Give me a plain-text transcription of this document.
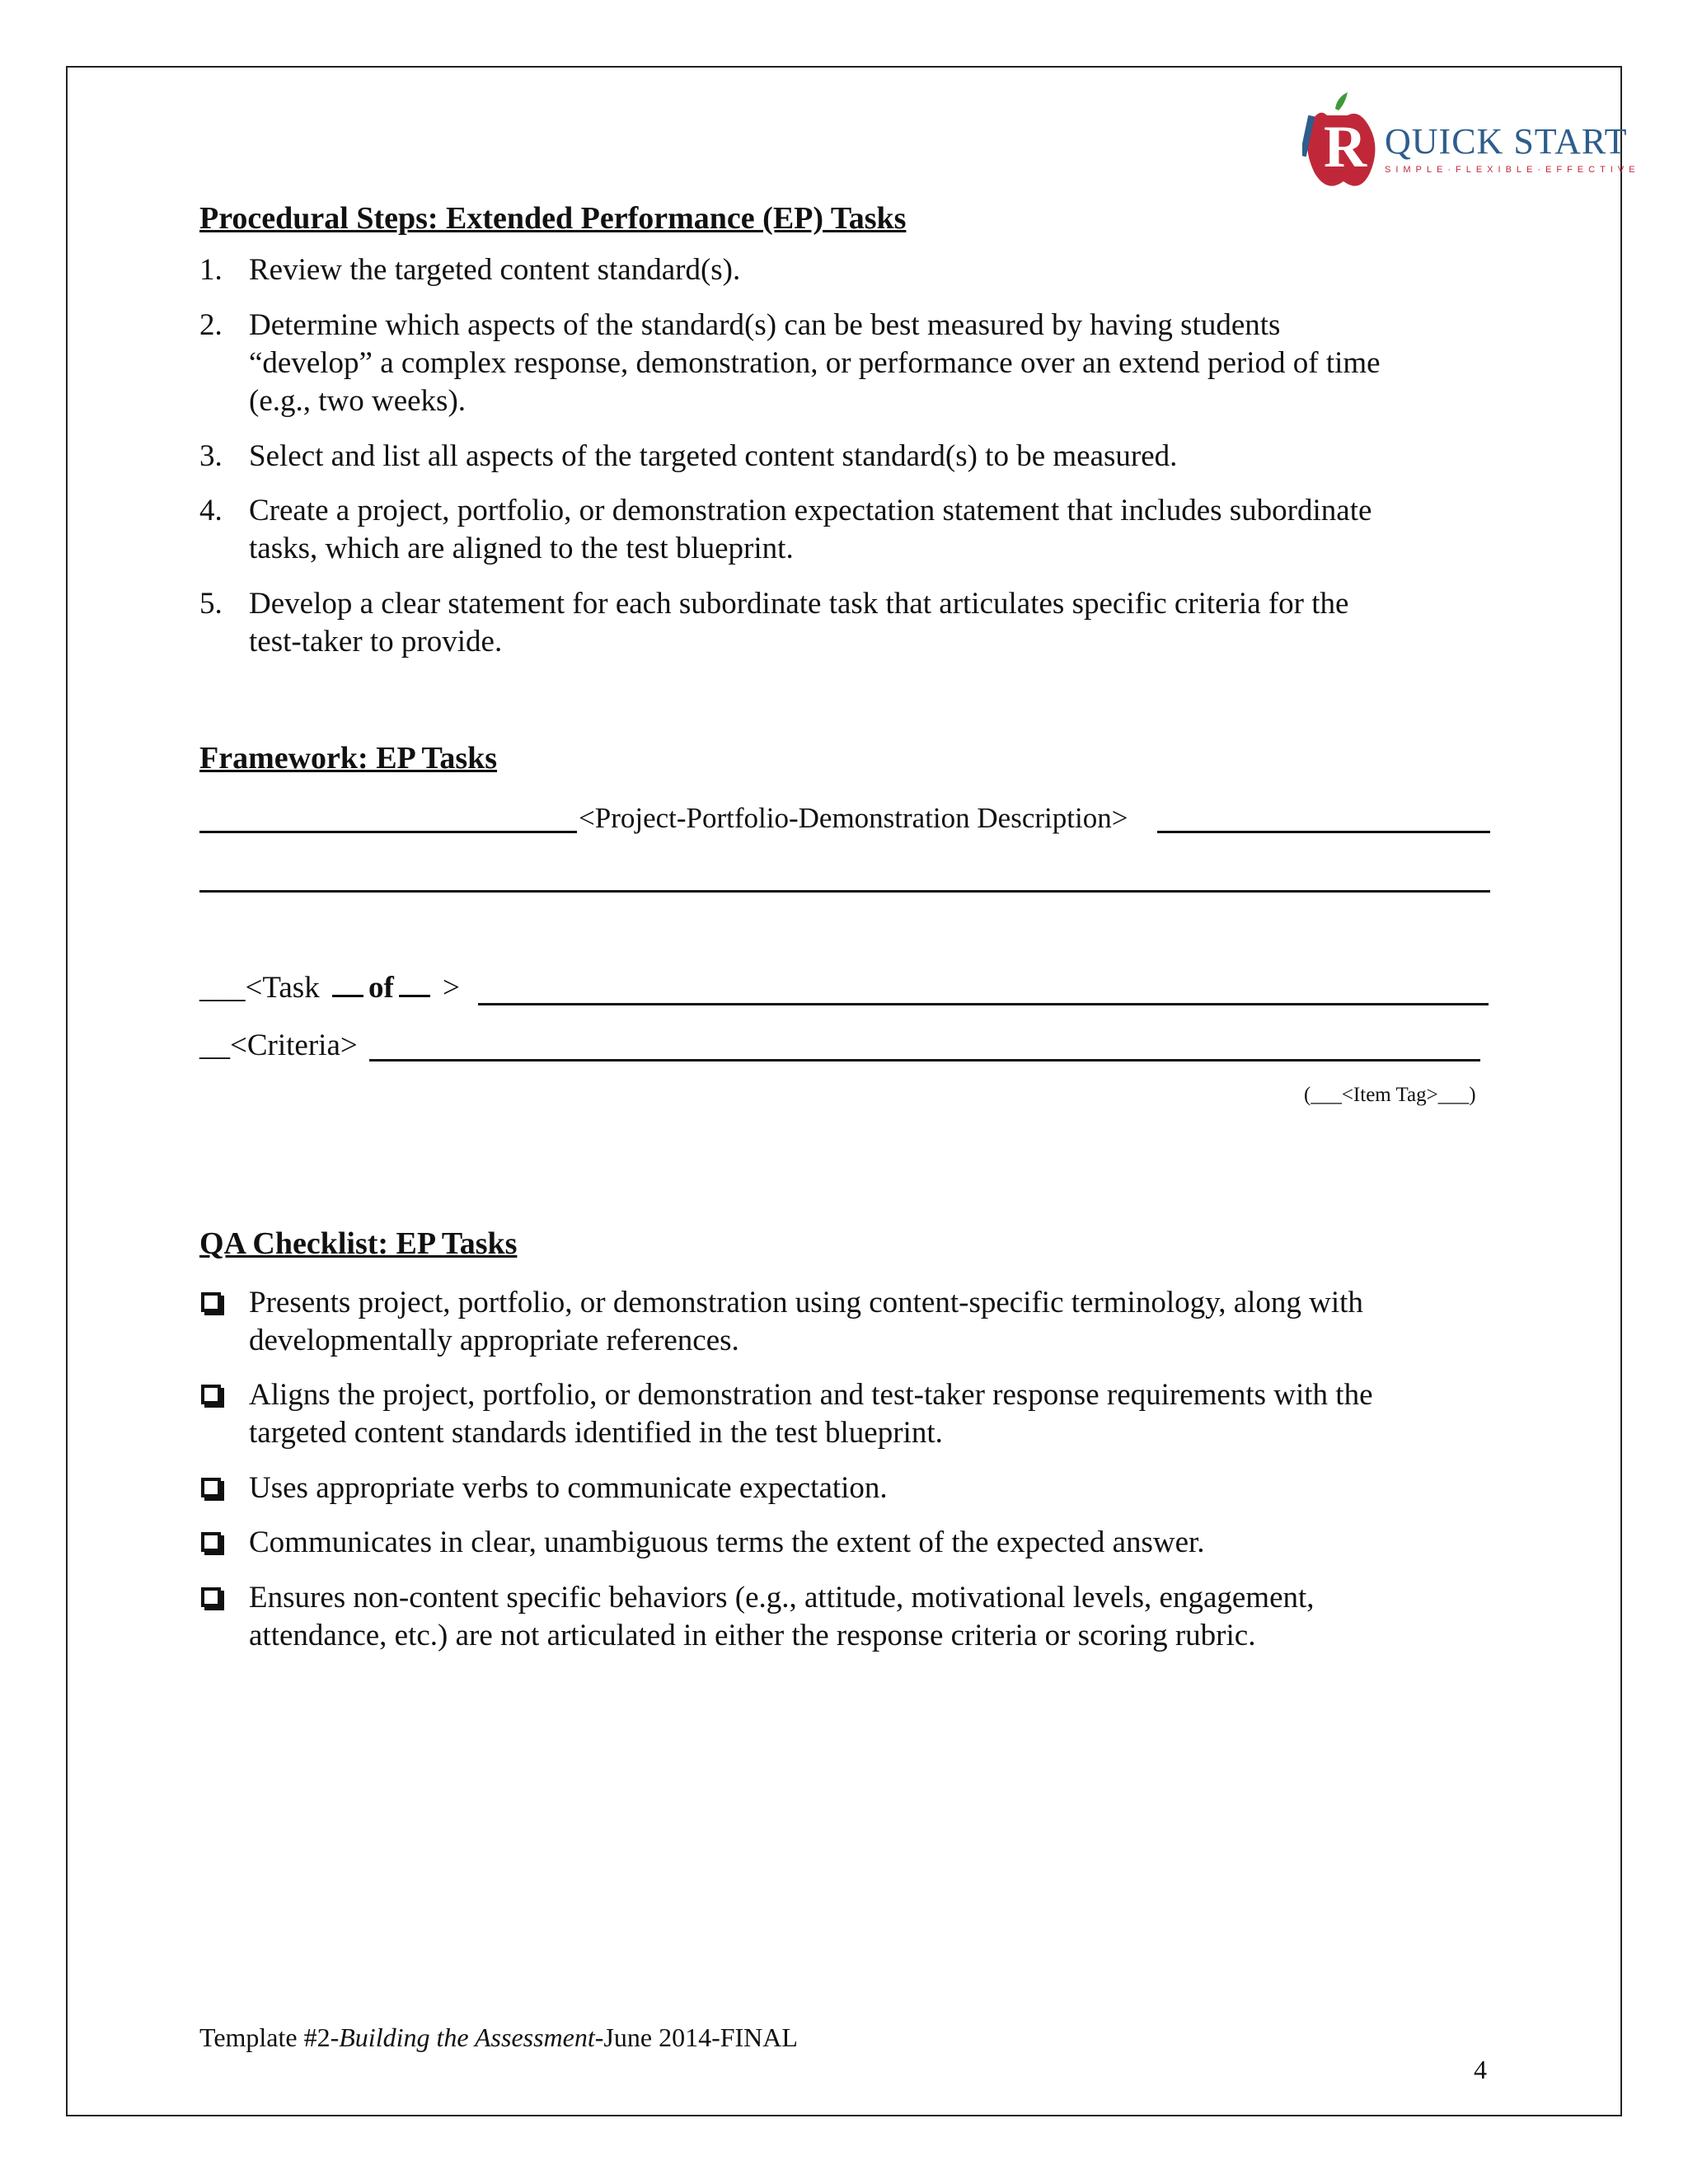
R QUICK START
SIMPLE·FLEXIBLE·EFFECTIVE
Procedural Steps: Extended Performance (EP) Tasks
1. Review the targeted content standard(s).
2. Determine which aspects of the standard(s) can be best measured by having students
“develop” a complex response, demonstration, or performance over an extend period of time
(e.g., two weeks).
3. Select and list all aspects of the targeted content standard(s) to be measured.
4. Create a project, portfolio, or demonstration expectation statement that includes subordinate
tasks, which are aligned to the test blueprint.
5. Develop a clear statement for each subordinate task that articulates specific criteria for the
test-taker to provide.
Framework: EP Tasks
<Project-Portfolio-Demonstration Description>
___<Task of >
__<Criteria>
(___<Item Tag>___)
QA Checklist: EP Tasks
Presents project, portfolio, or demonstration using content-specific terminology, along with
developmentally appropriate references.
Aligns the project, portfolio, or demonstration and test-taker response requirements with the
targeted content standards identified in the test blueprint.
Uses appropriate verbs to communicate expectation.
Communicates in clear, unambiguous terms the extent of the expected answer.
Ensures non-content specific behaviors (e.g., attitude, motivational levels, engagement,
attendance, etc.) are not articulated in either the response criteria or scoring rubric.
Template #2-Building the Assessment-June 2014-FINAL
4
